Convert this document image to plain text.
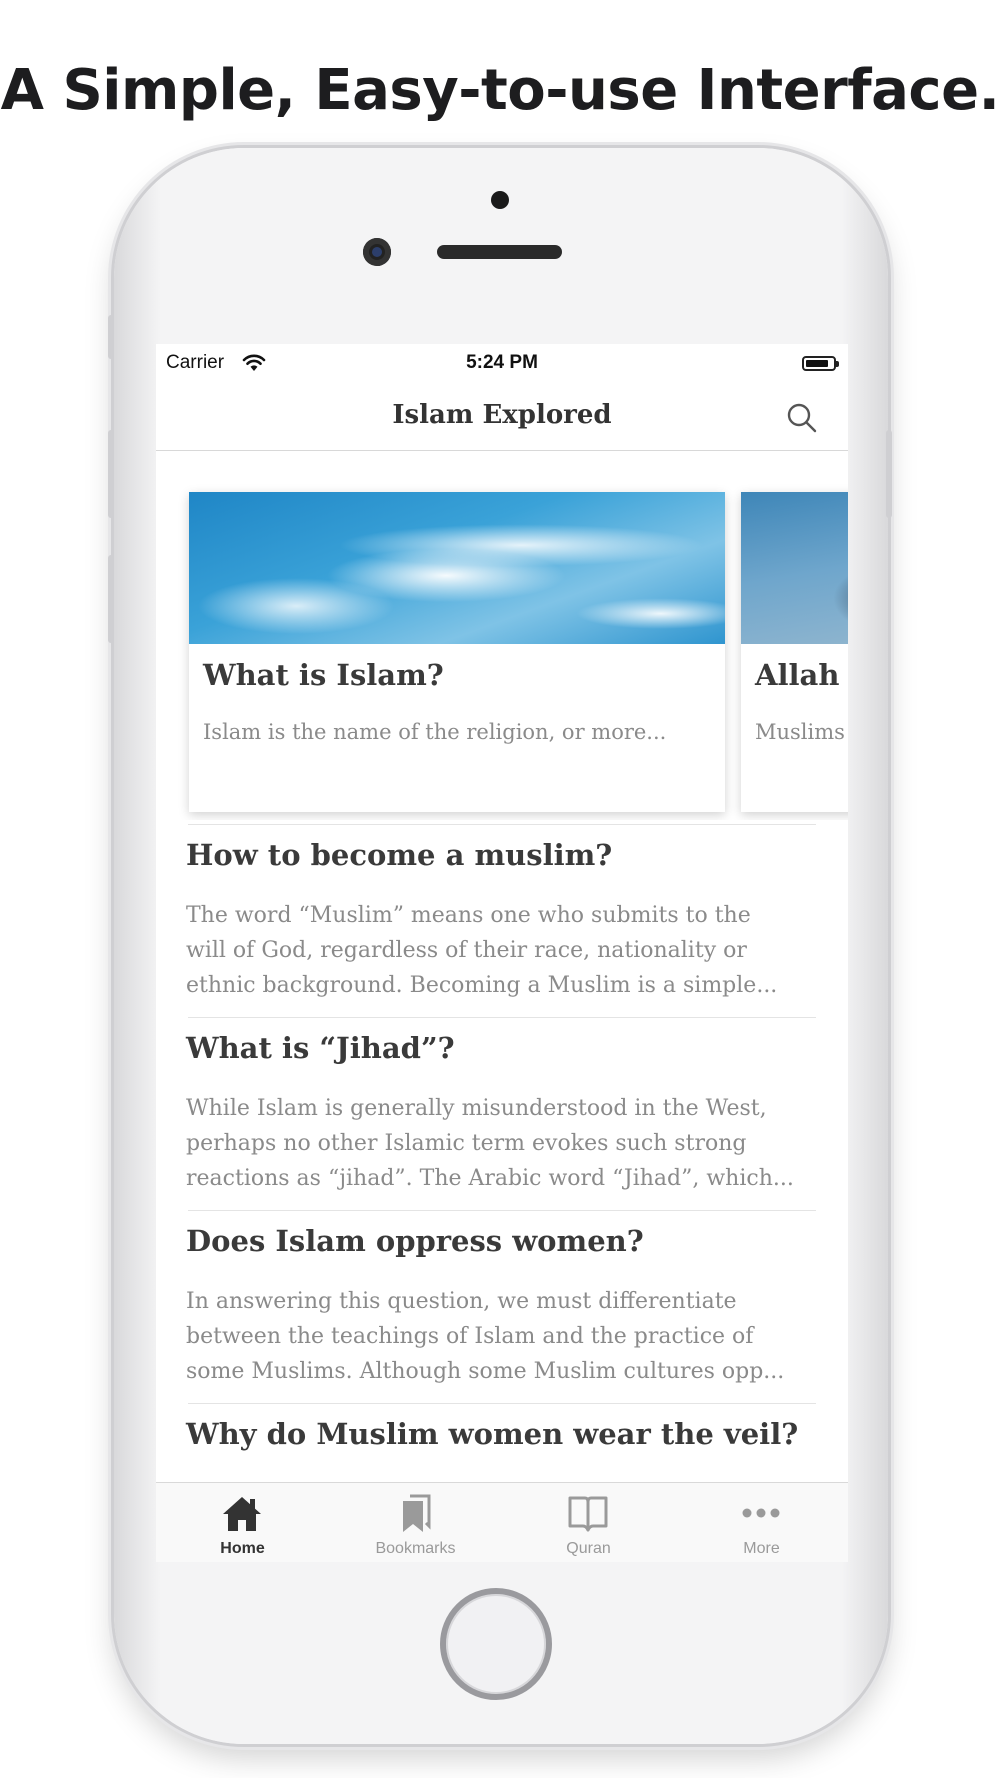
A Simple, Easy-to-use Interface.
Carrier	5:24 PM
Islam Explored
What is Islam?
Islam is the name of the religion, or more...
Allah
Muslims
How to become a muslim?
The word “Muslim” means one who submits to the
will of God, regardless of their race, nationality or
ethnic background. Becoming a Muslim is a simple...
What is “Jihad”?
While Islam is generally misunderstood in the West,
perhaps no other Islamic term evokes such strong
reactions as “jihad”. The Arabic word “Jihad”, which...
Does Islam oppress women?
In answering this question, we must differentiate
between the teachings of Islam and the practice of
some Muslims. Although some Muslim cultures opp...
Why do Muslim women wear the veil?
Home	Bookmarks	Quran	More
